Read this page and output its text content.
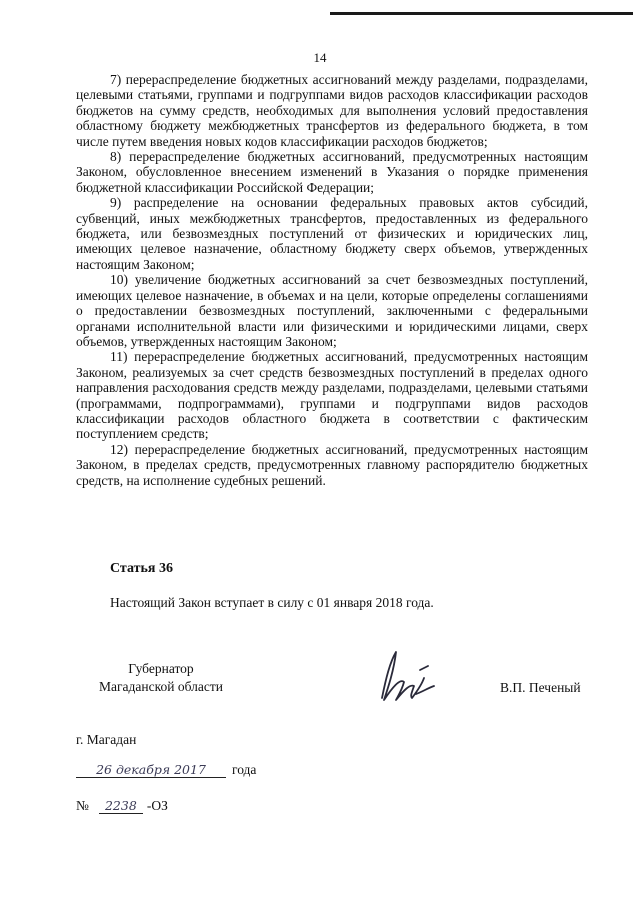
14

7) перераспределение бюджетных ассигнований между разделами, подразделами, целевыми статьями, группами и подгруппами видов расходов классификации расходов бюджетов на сумму средств, необходимых для выполнения условий предоставления областному бюджету межбюджетных трансфертов из федерального бюджета, в том числе путем введения новых кодов классификации расходов бюджетов;

8) перераспределение бюджетных ассигнований, предусмотренных настоящим Законом, обусловленное внесением изменений в Указания о порядке применения бюджетной классификации Российской Федерации;

9) распределение на основании федеральных правовых актов субсидий, субвенций, иных межбюджетных трансфертов, предоставленных из федерального бюджета, или безвозмездных поступлений от физических и юридических лиц, имеющих целевое назначение, областному бюджету сверх объемов, утвержденных настоящим Законом;

10) увеличение бюджетных ассигнований за счет безвозмездных поступлений, имеющих целевое назначение, в объемах и на цели, которые определены соглашениями о предоставлении безвозмездных поступлений, заключенными с федеральными органами исполнительной власти или физическими и юридическими лицами, сверх объемов, утвержденных настоящим Законом;

11) перераспределение бюджетных ассигнований, предусмотренных настоящим Законом, реализуемых за счет средств безвозмездных поступлений в пределах одного направления расходования средств между разделами, подразделами, целевыми статьями (программами, подпрограммами), группами и подгруппами видов расходов классификации расходов областного бюджета в соответствии с фактическим поступлением средств;

12) перераспределение бюджетных ассигнований, предусмотренных настоящим Законом, в пределах средств, предусмотренных главному распорядителю бюджетных средств, на исполнение судебных решений.

Статья 36
Настоящий Закон вступает в силу с 01 января 2018 года.
Губернатор
Магаданской области	В.П. Печеный
г. Магадан
26 декабря 2017	года
№	2238 -ОЗ
